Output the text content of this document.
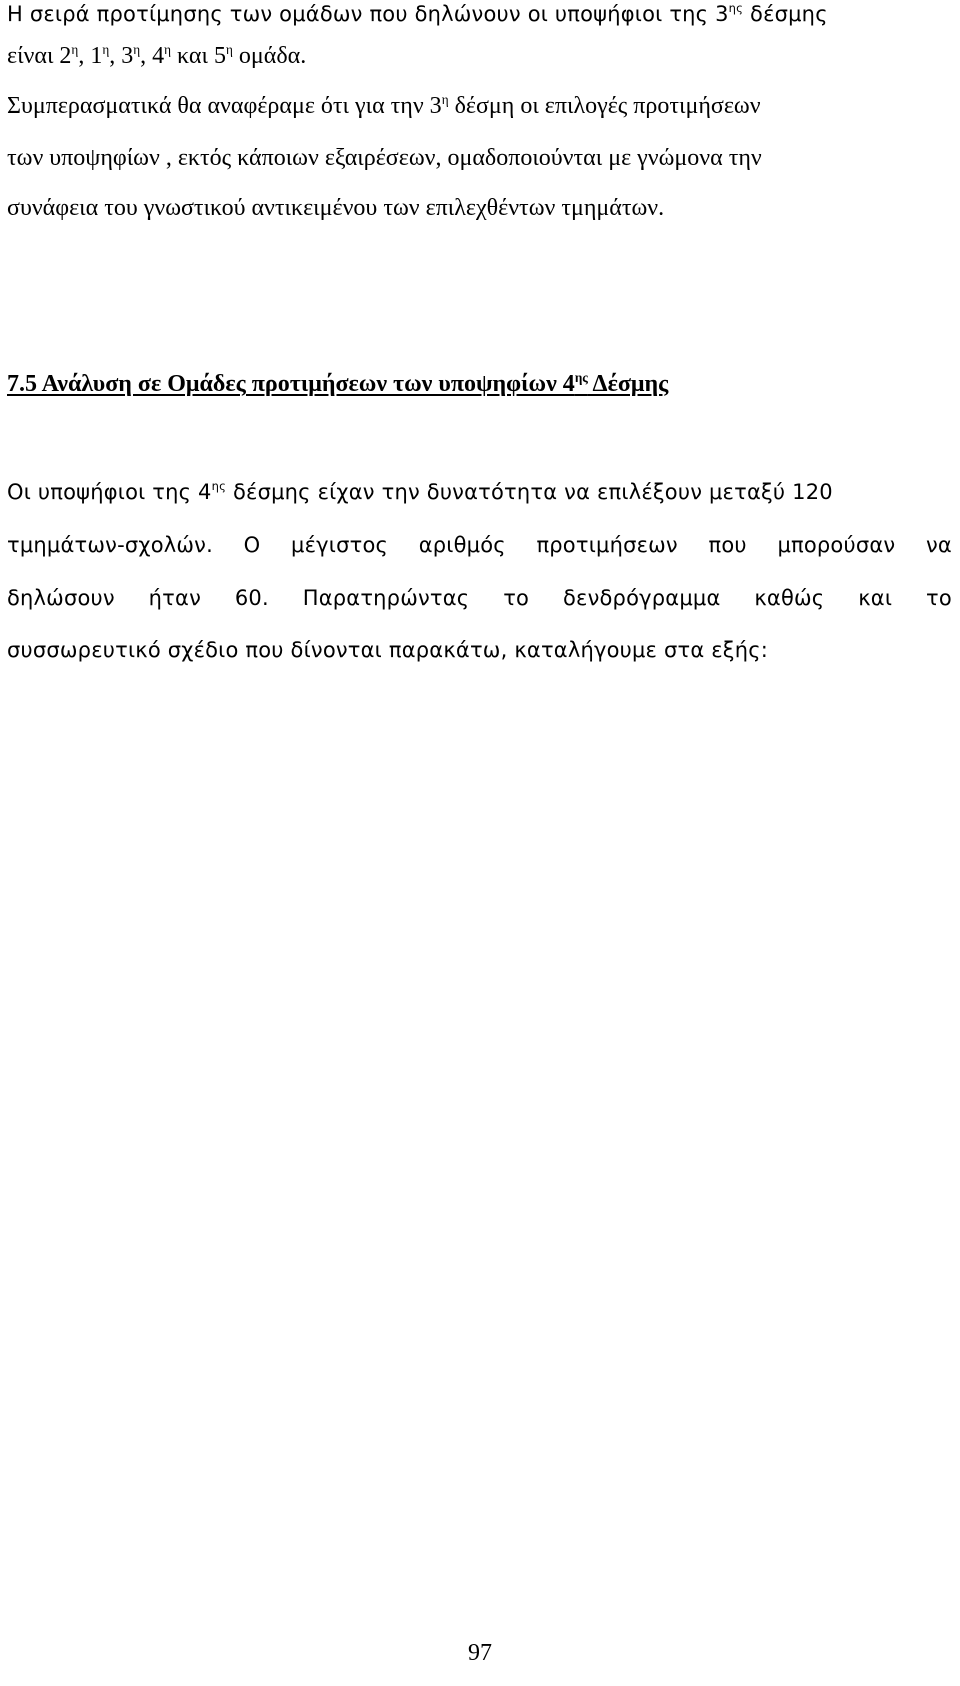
Η σειρά προτίμησης των ομάδων που δηλώνουν οι υποψήφιοι της $3^{\eta\varsigma}$ δέσμης
είναι $2^\eta$, $1^\eta$, $3^\eta$, $4^\eta$ και $5^\eta$ ομάδα.
Συμπερασματικά θα αναφέραμε ότι για την $3^\eta$ δέσμη οι επιλογές προτιμήσεων
των υποψηφίων , εκτός κάποιων εξαιρέσεων, ομαδοποιούνται με γνώμονα την
συνάφεια του γνωστικού αντικειμένου των επιλεχθέντων τμημάτων.
7.5 Ανάλυση σε Ομάδες προτιμήσεων των υποψηφίων $4^{\eta\varsigma}$ Δέσμης
Οι υποψήφιοι της $4^{\eta\varsigma}$ δέσμης είχαν την δυνατότητα να επιλέξουν μεταξύ 120
τμημάτων-σχολών. Ο μέγιστος αριθμός προτιμήσεων που μπορούσαν να
δηλώσουν ήταν 60. Παρατηρώντας το δενδρόγραμμα καθώς και το
συσσωρευτικό σχέδιο που δίνονται παρακάτω, καταλήγουμε στα εξής:
97
